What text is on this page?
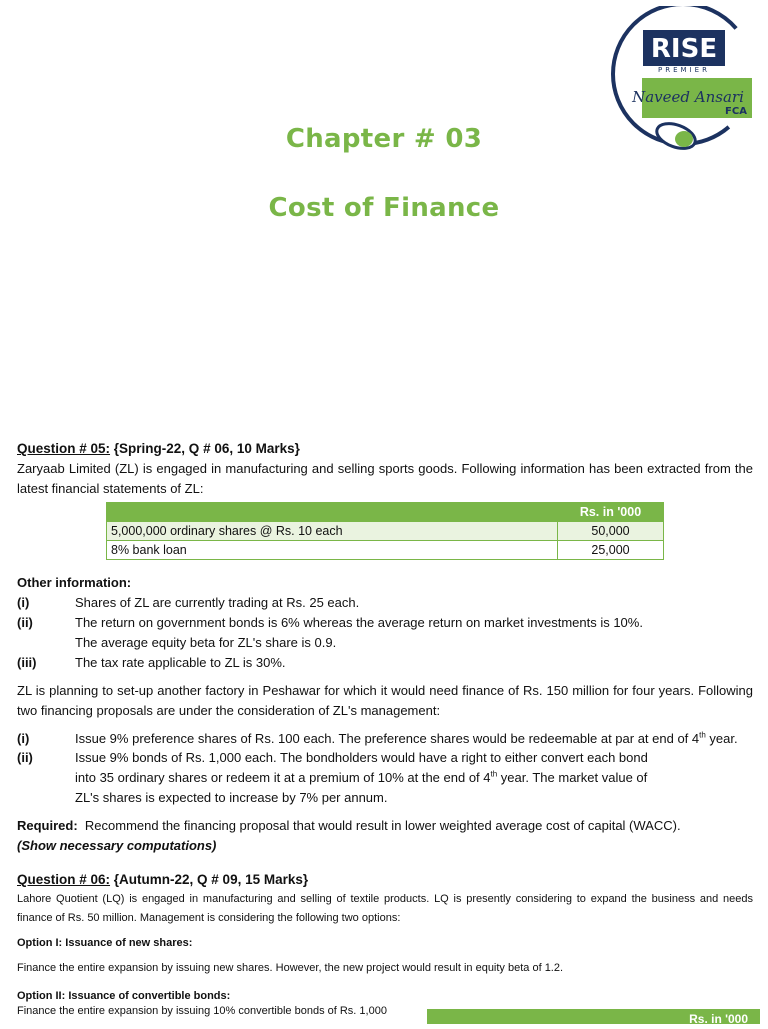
RISE
PREMIER
Naveed Ansari
FCA
Chapter # 03
Cost of Finance
Question # 05: {Spring-22, Q # 06, 10 Marks}
Zaryaab Limited (ZL) is engaged in manufacturing and selling sports goods. Following information has been extracted from the latest financial statements of ZL:
	Rs. in '000
5,000,000 ordinary shares @ Rs. 10 each	50,000
8% bank loan	25,000
Other information:
(i)	Shares of ZL are currently trading at Rs. 25 each.
(ii)	The return on government bonds is 6% whereas the average return on market investments is 10%.
The average equity beta for ZL's share is 0.9.
(iii)	The tax rate applicable to ZL is 30%.
ZL is planning to set-up another factory in Peshawar for which it would need finance of Rs. 150 million for four years. Following two financing proposals are under the consideration of ZL's management:
(i)	Issue 9% preference shares of Rs. 100 each. The preference shares would be redeemable at par at end of 4th year.
(ii)	Issue 9% bonds of Rs. 1,000 each. The bondholders would have a right to either convert each bond
into 35 ordinary shares or redeem it at a premium of 10% at the end of 4th year. The market value of
ZL's shares is expected to increase by 7% per annum.
Required: Recommend the financing proposal that would result in lower weighted average cost of capital (WACC).
(Show necessary computations)
Question # 06: {Autumn-22, Q # 09, 15 Marks}
Lahore Quotient (LQ) is engaged in manufacturing and selling of textile products. LQ is presently considering to expand the business and needs finance of Rs. 50 million. Management is considering the following two options:
Option I: Issuance of new shares:
Finance the entire expansion by issuing new shares. However, the new project would result in equity beta of 1.2.
Option II: Issuance of convertible bonds:
Finance the entire expansion by issuing 10% convertible bonds of Rs. 1,000
Rs. in '000
